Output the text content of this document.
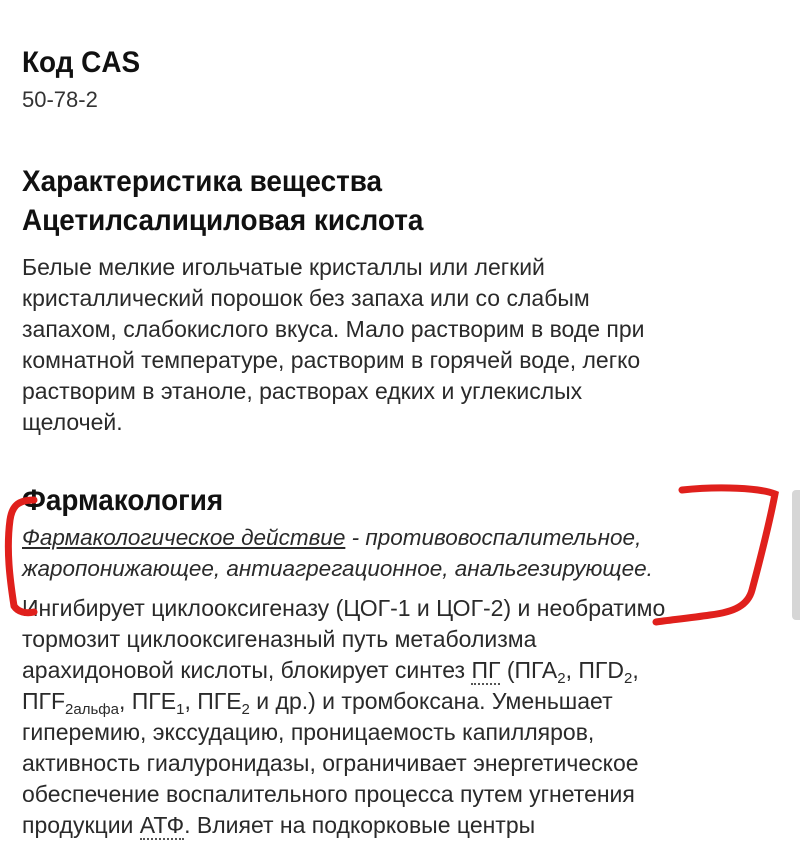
Код CAS
50-78-2
Характеристика вещества
Ацетилсалициловая кислота
Белые мелкие игольчатые кристаллы или легкий
кристаллический порошок без запаха или со слабым
запахом, слабокислого вкуса. Мало растворим в воде при
комнатной температуре, растворим в горячей воде, легко
растворим в этаноле, растворах едких и углекислых
щелочей.
Фармакология
Фармакологическое действие - противовоспалительное,
жаропонижающее, антиагрегационное, анальгезирующее.
Ингибирует циклооксигеназу (ЦОГ-1 и ЦОГ-2) и необратимо
тормозит циклооксигеназный путь метаболизма
арахидоновой кислоты, блокирует синтез ПГ ($ПГА_2$, $ПГD_2$,
$ПГF_{2альфа}$, $ПГЕ_1$, $ПГЕ_2$ и др.) и тромбоксана. Уменьшает
гиперемию, экссудацию, проницаемость капилляров,
активность гиалуронидазы, ограничивает энергетическое
обеспечение воспалительного процесса путем угнетения
продукции АТФ. Влияет на подкорковые центры
